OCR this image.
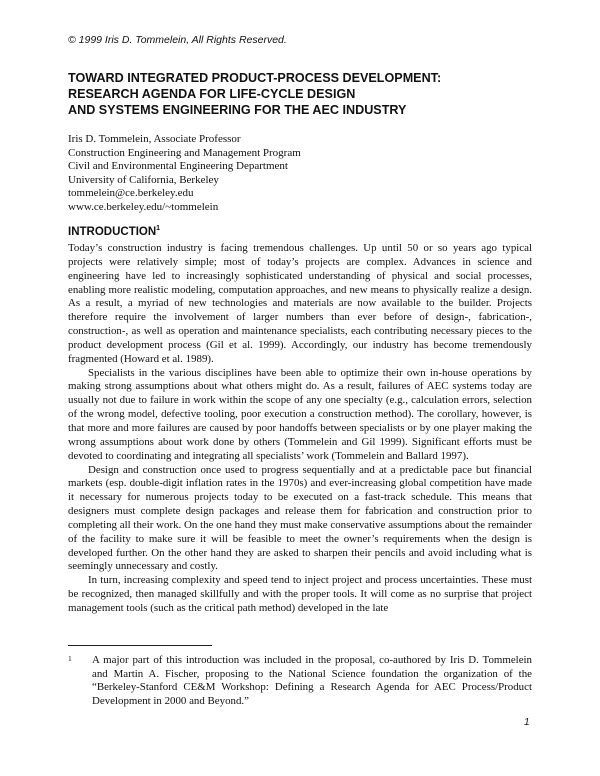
© 1999 Iris D. Tommelein, All Rights Reserved.
TOWARD INTEGRATED PRODUCT-PROCESS DEVELOPMENT:
RESEARCH AGENDA FOR LIFE-CYCLE DESIGN
AND SYSTEMS ENGINEERING FOR THE AEC INDUSTRY
Iris D. Tommelein, Associate Professor
Construction Engineering and Management Program
Civil and Environmental Engineering Department
University of California, Berkeley
tommelein@ce.berkeley.edu
www.ce.berkeley.edu/~tommelein
INTRODUCTION$^1$

Today’s construction industry is facing tremendous challenges. Up until 50 or so years ago typical projects were relatively simple; most of today’s projects are complex. Advances in science and engineering have led to increasingly sophisticated understanding of physical and social processes, enabling more realistic modeling, computation approaches, and new means to physically realize a design. As a result, a myriad of new technologies and materials are now available to the builder. Projects therefore require the involvement of larger numbers than ever before of design-, fabrication-, construction-, as well as operation and maintenance specialists, each contributing necessary pieces to the product development process (Gil et al. 1999). Accordingly, our industry has become tremendously fragmented (Howard et al. 1989).

Specialists in the various disciplines have been able to optimize their own in-house operations by making strong assumptions about what others might do. As a result, failures of AEC systems today are usually not due to failure in work within the scope of any one specialty (e.g., calculation errors, selection of the wrong model, defective tooling, poor execution a construction method). The corollary, however, is that more and more failures are caused by poor handoffs between specialists or by one player making the wrong assumptions about work done by others (Tommelein and Gil 1999). Significant efforts must be devoted to coordinating and integrating all specialists’ work (Tommelein and Ballard 1997).

Design and construction once used to progress sequentially and at a predictable pace but financial markets (esp. double-digit inflation rates in the 1970s) and ever-increasing global competition have made it necessary for numerous projects today to be executed on a fast-track schedule. This means that designers must complete design packages and release them for fabrication and construction prior to completing all their work. On the one hand they must make conservative assumptions about the remainder of the facility to make sure it will be feasible to meet the owner’s requirements when the design is developed further. On the other hand they are asked to sharpen their pencils and avoid including what is seemingly unnecessary and costly.

In turn, increasing complexity and speed tend to inject project and process uncertainties. These must be recognized, then managed skillfully and with the proper tools. It will come as no surprise that project management tools (such as the critical path method) developed in the late

1 A major part of this introduction was included in the proposal, co-authored by Iris D. Tommelein and Martin A. Fischer, proposing to the National Science foundation the organization of the “Berkeley-Stanford CE&M Workshop: Defining a Research Agenda for AEC Process/Product Development in 2000 and Beyond.”
1
